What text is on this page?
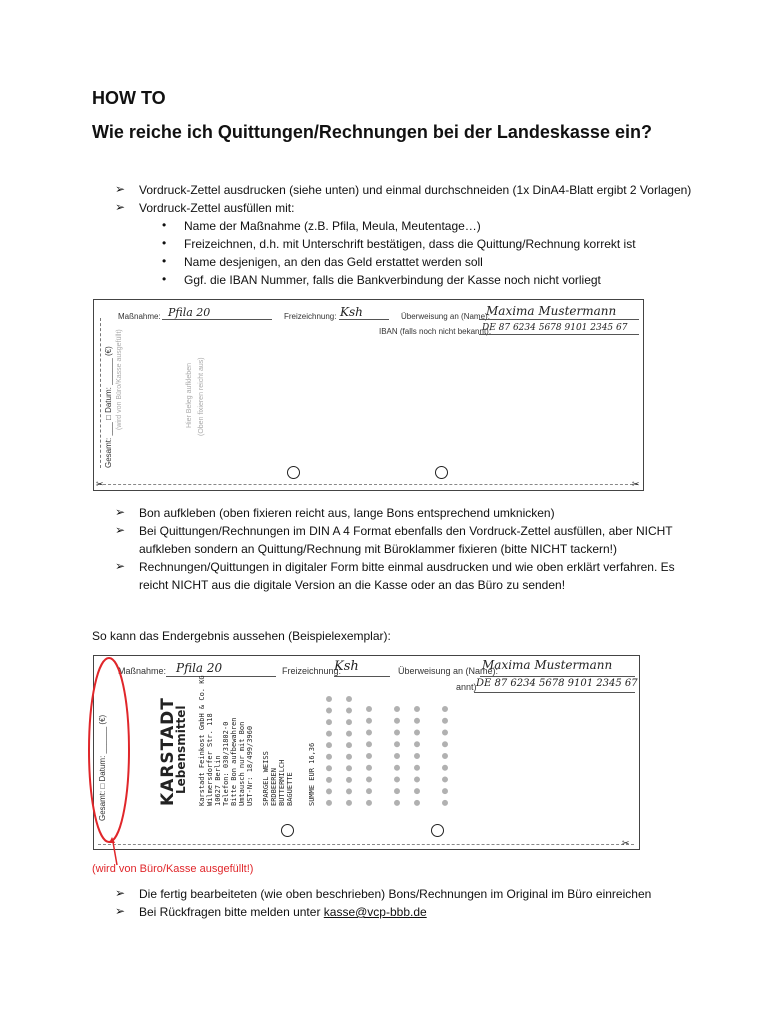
HOW TO
Wie reiche ich Quittungen/Rechnungen bei der Landeskasse ein?
➢ Vordruck-Zettel ausdrucken (siehe unten) und einmal durchschneiden (1x DinA4-Blatt ergibt 2 Vorlagen)
➢ Vordruck-Zettel ausfüllen mit:
• Name der Maßnahme (z.B. Pfila, Meula, Meutentage…)
• Freizeichnen, d.h. mit Unterschrift bestätigen, dass die Quittung/Rechnung korrekt ist
• Name desjenigen, an den das Geld erstattet werden soll
• Ggf. die IBAN Nummer, falls die Bankverbindung der Kasse noch nicht vorliegt
Maßnahme: Pfila 20	Freizeichnung: Ksh	Überweisung an (Name):
Maxima Mustermann
IBAN (falls noch nicht bekannt):
DE 87 6234 5678 9101 2345 67
Gesamt: ___ □ Datum: ______ (€) (wird von Büro/Kasse ausgefüllt)	Hier Beleg aufkleben (Oben fixieren reicht aus)
✂	✂
➢ Bon aufkleben (oben fixieren reicht aus, lange Bons entsprechend umknicken)
➢ Bei Quittungen/Rechnungen im DIN A 4 Format ebenfalls den Vordruck-Zettel ausfüllen, aber NICHT aufkleben sondern an Quittung/Rechnung mit Büroklammer fixieren (bitte NICHT tackern!)
➢ Rechnungen/Quittungen in digitaler Form bitte einmal ausdrucken und wie oben erklärt verfahren. Es reicht NICHT aus die digitale Version an die Kasse oder an das Büro zu senden!
So kann das Endergebnis aussehen (Beispielexemplar):
Maßnahme: Pfila 20	Freizeichnung:
Ksh	Überweisung an (Name):
Maxima Mustermann
annt) DE 87 6234 5678 9101 2345 67
Gesamt: □ Datum: ______ (€)	KARSTADT
Lebensmittel Karstadt Feinkost GmbH & Co. KG Wilmersdorfer Str. 118 10627 Berlin Telefon: 030/31802-0 Bitte Bon aufbewahren Umtausch nur mit Bon UST-Nr: 18/499/3960 SPARGEL WEISS ERDBEEREN BUTTERMILCH BAGUETTE SUMME EUR 16,36
✂
(wird von Büro/Kasse ausgefüllt!)
➢ Die fertig bearbeiteten (wie oben beschrieben) Bons/Rechnungen im Original im Büro einreichen
➢ Bei Rückfragen bitte melden unter kasse@vcp-bbb.de
